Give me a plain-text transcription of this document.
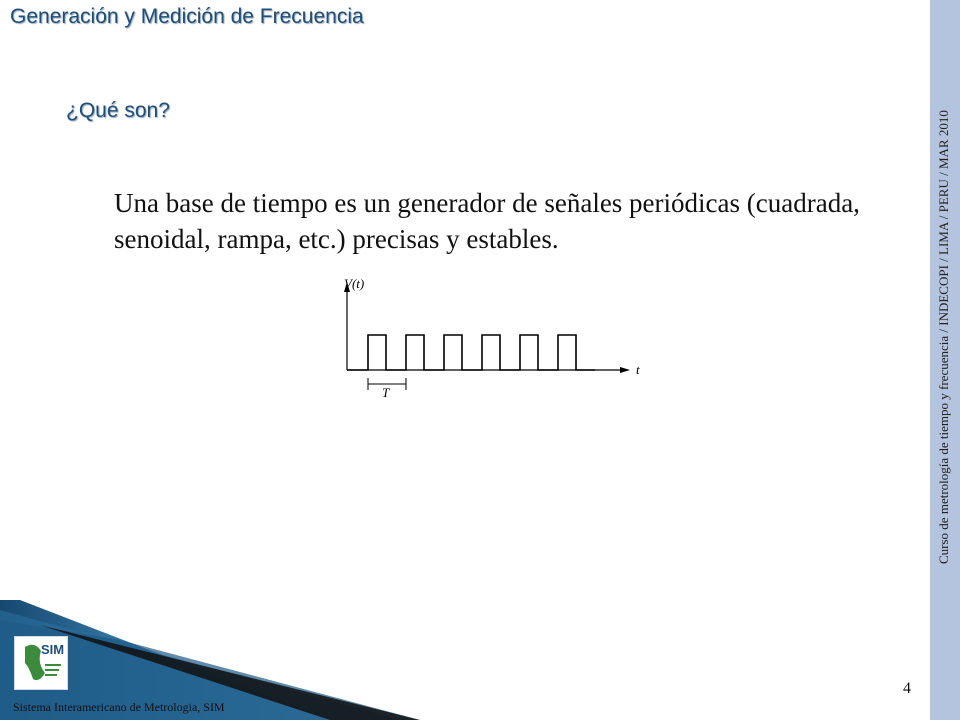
Generación y Medición de Frecuencia
¿Qué son?
Una base de tiempo es un generador de señales periódicas (cuadrada, senoidal, rampa, etc.) precisas y estables.
V(t)
t
T	Curso de metrología de tiempo y frecuencia / INDECOPI / LIMA / PERU / MAR 2010
SIM
Sistema Interamericano de Metrologia, SIM
4
